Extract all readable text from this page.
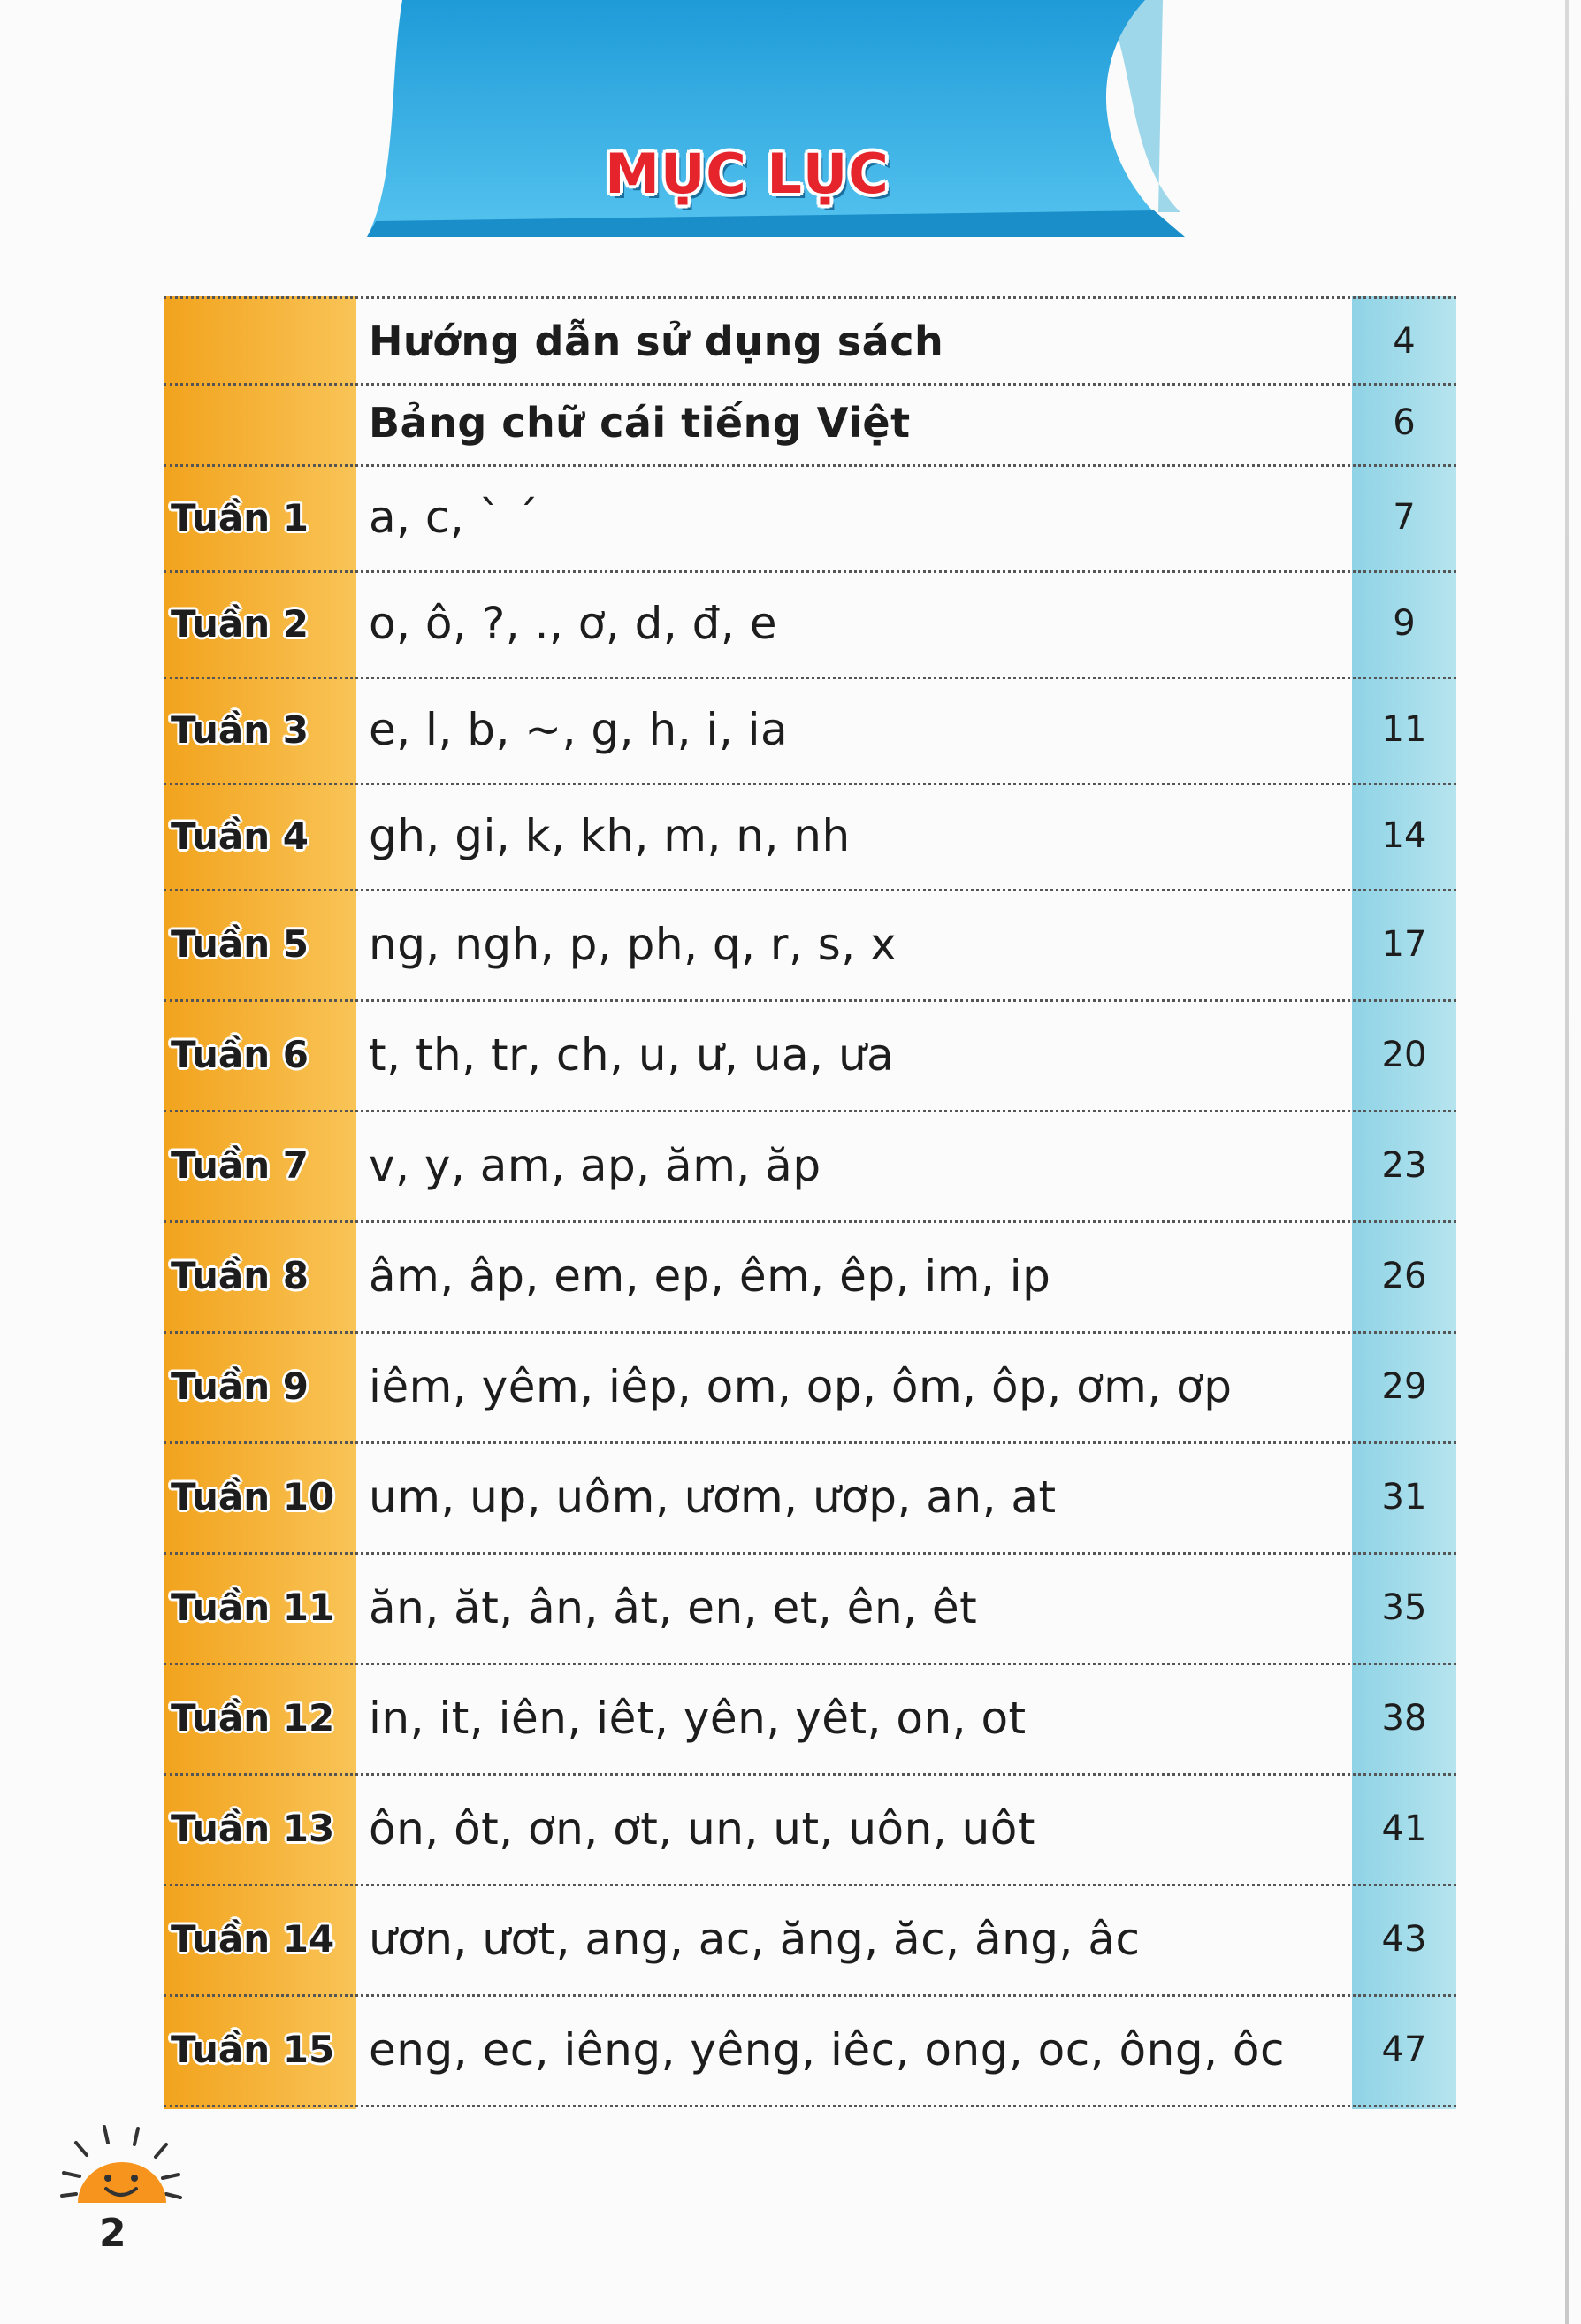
MỤC LỤC
Hướng dẫn sử dụng sách	4
Bảng chữ cái tiếng Việt	6
Tuần 1 a, c, ` ´	7
Tuần 2 o, ô, ?, ., ơ, d, đ, e	9
Tuần 3 e, l, b, ~, g, h, i, ia	11
Tuần 4 gh, gi, k, kh, m, n, nh	14
Tuần 5 ng, ngh, p, ph, q, r, s, x	17
Tuần 6 t, th, tr, ch, u, ư, ua, ưa	20
Tuần 7 v, y, am, ap, ăm, ăp	23
Tuần 8 âm, âp, em, ep, êm, êp, im, ip	26
Tuần 9 iêm, yêm, iêp, om, op, ôm, ôp, ơm, ơp	29
Tuần 10 um, up, uôm, ươm, ươp, an, at	31
Tuần 11 ăn, ăt, ân, ât, en, et, ên, êt	35
Tuần 12 in, it, iên, iêt, yên, yêt, on, ot	38
Tuần 13 ôn, ôt, ơn, ơt, un, ut, uôn, uôt	41
Tuần 14 ươn, ươt, ang, ac, ăng, ăc, âng, âc	43
Tuần 15 eng, ec, iêng, yêng, iêc, ong, oc, ông, ôc	47
2
